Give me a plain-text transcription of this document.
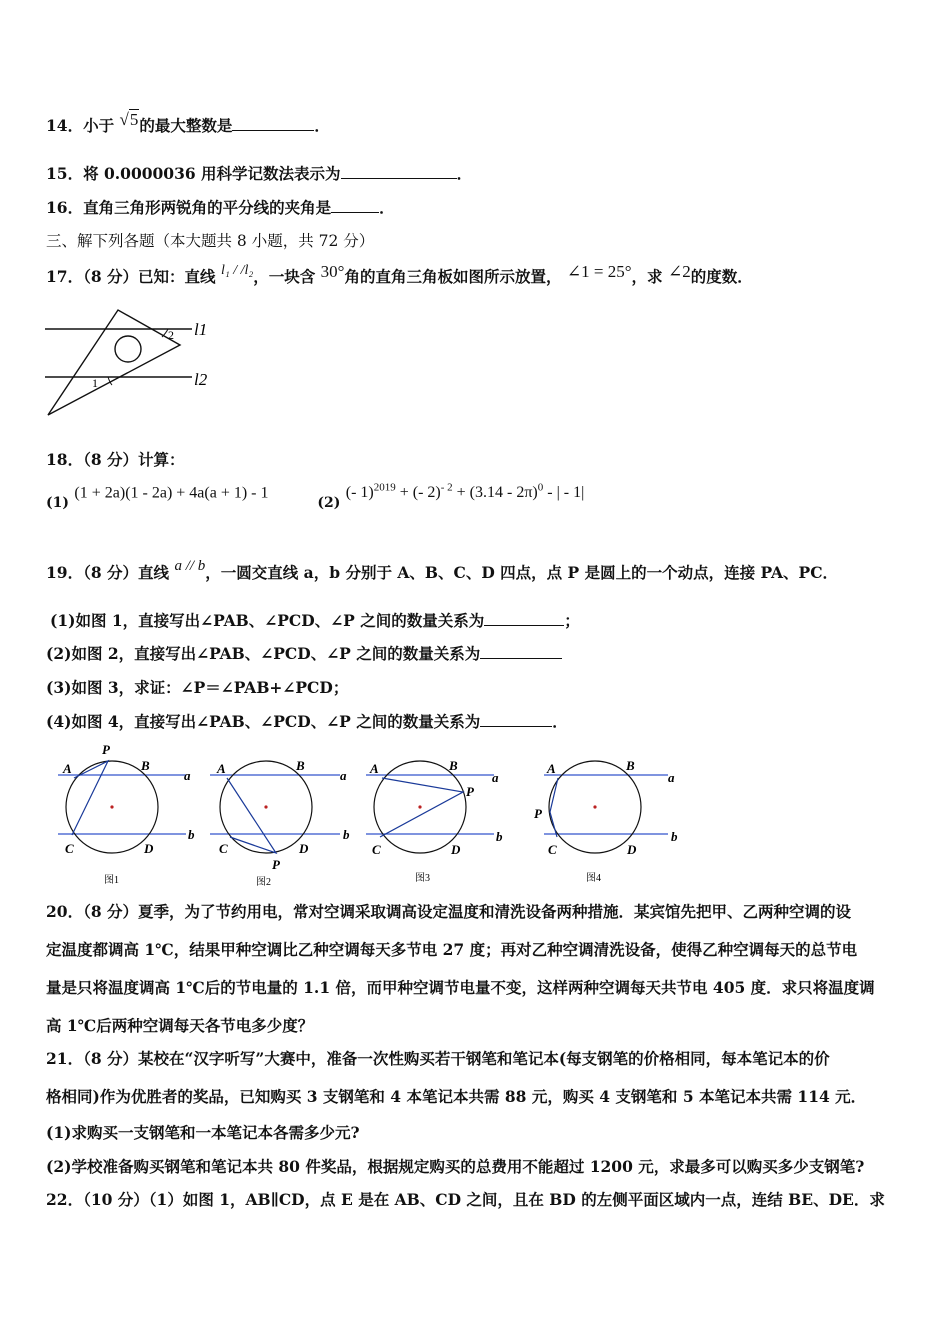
14．小于 √5的最大整数是	．
15．将 0.0000036 用科学记数法表示为	．
16．直角三角形两锐角的平分线的夹角是	．
三、解下列各题（本大题共 8 小题，共 72 分）
17．（8 分）已知：直线 l₁ / /l₂，一块含 30°角的直角三角板如图所示放置， ∠1 = 25°，求 ∠2的度数．
l1
l2
2
1
18．（8 分）计算：
(1) (1 + 2a)(1 - 2a) + 4a(a + 1) - 1  (2) (- 1)$^{2019}$ + (- 2)$^{- 2}$ + (3.14 - 2π)$^0$ - | - 1|
19．（8 分）直线 a // b，一圆交直线 a，b 分别于 A、B、C、D 四点，点 P 是圆上的一个动点，连接 PA、PC．
(1)如图 1，直接写出∠PAB、∠PCD、∠P 之间的数量关系为	；
(2)如图 2，直接写出∠PAB、∠PCD、∠P 之间的数量关系为
(3)如图 3，求证：∠P＝∠PAB+∠PCD；
(4)如图 4，直接写出∠PAB、∠PCD、∠P 之间的数量关系为	．
A	B
P
C	D
a
b
图1
A	B
P
C	D
a
b
图2
A	B
P
C	D
a
b
图3
A	B
P
C	D
a
b
图4
20．（8 分）夏季，为了节约用电，常对空调采取调高设定温度和清洗设备两种措施．某宾馆先把甲、乙两种空调的设
定温度都调高 1℃，结果甲种空调比乙种空调每天多节电 27 度；再对乙种空调清洗设备，使得乙种空调每天的总节电
量是只将温度调高 1℃后的节电量的 1.1 倍，而甲种空调节电量不变，这样两种空调每天共节电 405 度．求只将温度调
高 1℃后两种空调每天各节电多少度？
21．（8 分）某校在“汉字听写”大赛中，准备一次性购买若干钢笔和笔记本(每支钢笔的价格相同，每本笔记本的价
格相同)作为优胜者的奖品，已知购买 3 支钢笔和 4 本笔记本共需 88 元，购买 4 支钢笔和 5 本笔记本共需 114 元．
(1)求购买一支钢笔和一本笔记本各需多少元?
(2)学校准备购买钢笔和笔记本共 80 件奖品，根据规定购买的总费用不能超过 1200 元，求最多可以购买多少支钢笔?
22．（10 分）（1）如图 1，AB∥CD，点 E 是在 AB、CD 之间，且在 BD 的左侧平面区域内一点，连结 BE、DE．求
